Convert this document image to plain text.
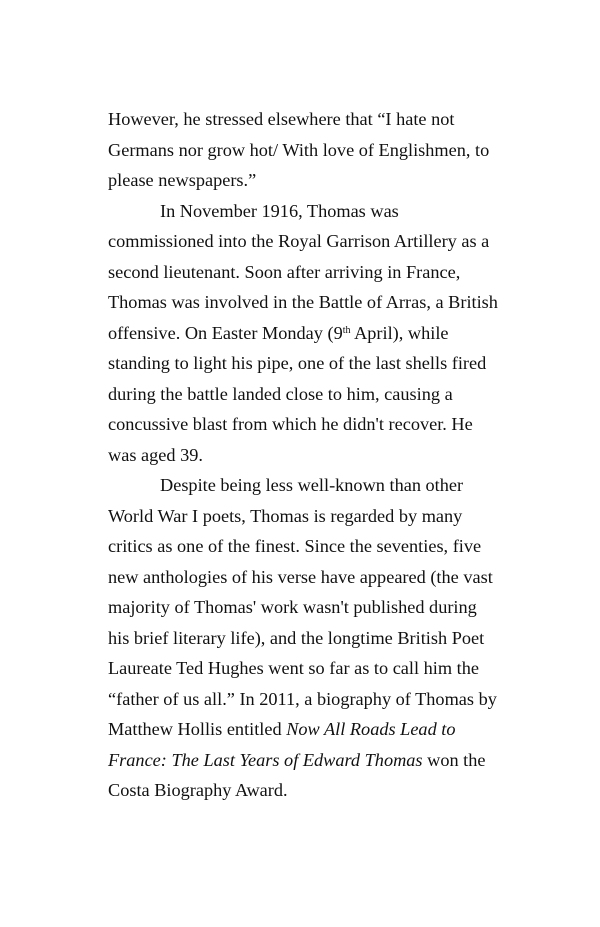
However, he stressed elsewhere that “I hate not Germans nor grow hot/ With love of Englishmen, to please newspapers.”

In November 1916, Thomas was commissioned into the Royal Garrison Artillery as a second lieutenant. Soon after arriving in France, Thomas was involved in the Battle of Arras, a British offensive. On Easter Monday (9th April), while standing to light his pipe, one of the last shells fired during the battle landed close to him, causing a concussive blast from which he didn't recover. He was aged 39.

Despite being less well-known than other World War I poets, Thomas is regarded by many critics as one of the finest. Since the seventies, five new anthologies of his verse have appeared (the vast majority of Thomas' work wasn't published during his brief literary life), and the longtime British Poet Laureate Ted Hughes went so far as to call him the “father of us all.” In 2011, a biography of Thomas by Matthew Hollis entitled Now All Roads Lead to France: The Last Years of Edward Thomas won the Costa Biography Award.
